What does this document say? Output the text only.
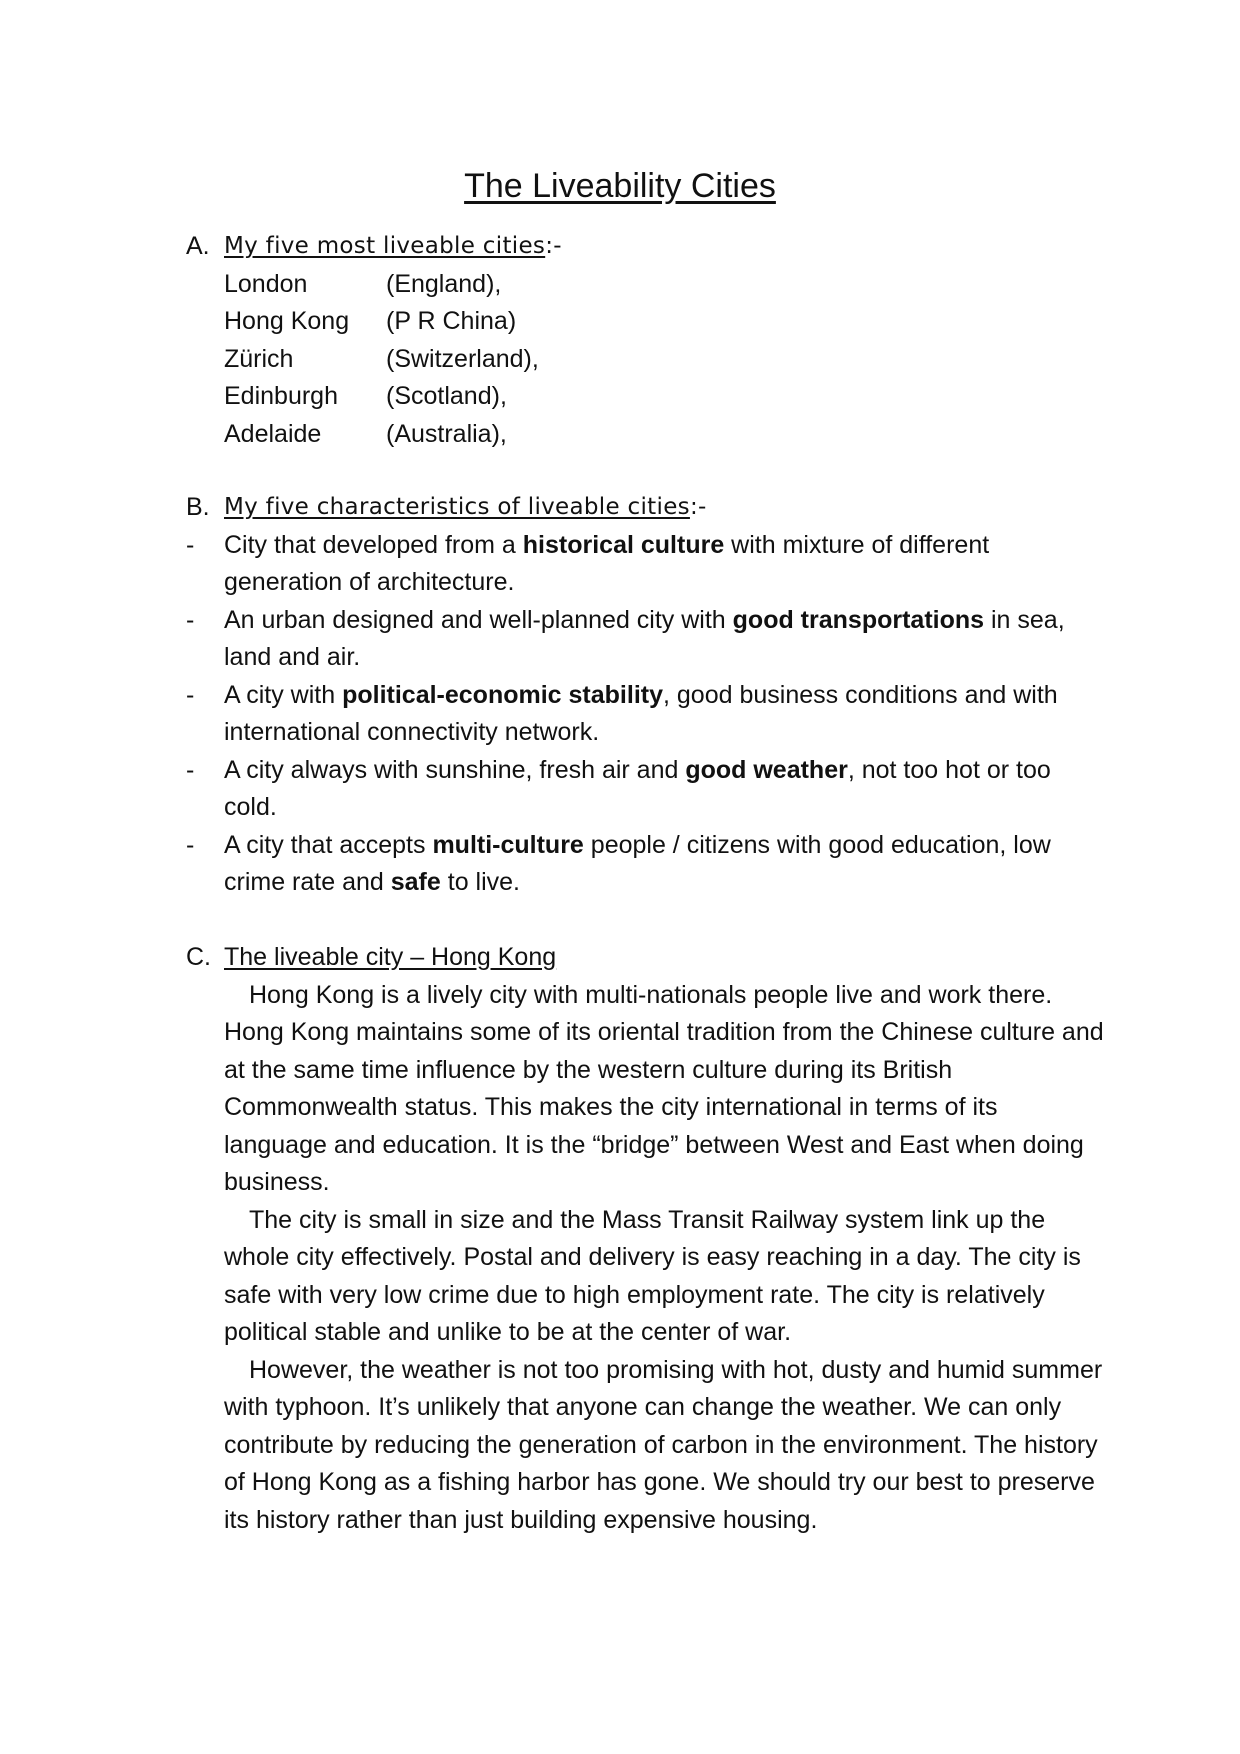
The Liveability Cities
A. My five most liveable cities:-
London	(England),
Hong Kong (P R China)
Zürich	(Switzerland),
Edinburgh (Scotland),
Adelaide	(Australia),
B. My five characteristics of liveable cities:-
- City that developed from a historical culture with mixture of different generation of architecture.
- An urban designed and well-planned city with good transportations in sea, land and air.
- A city with political-economic stability, good business conditions and with international connectivity network.
- A city always with sunshine, fresh air and good weather, not too hot or too cold.
- A city that accepts multi-culture people / citizens with good education, low crime rate and safe to live.
C. The liveable city – Hong Kong

Hong Kong is a lively city with multi-nationals people live and work there. Hong Kong maintains some of its oriental tradition from the Chinese culture and at the same time influence by the western culture during its British Commonwealth status. This makes the city international in terms of its language and education. It is the “bridge” between West and East when doing business.

The city is small in size and the Mass Transit Railway system link up the whole city effectively. Postal and delivery is easy reaching in a day. The city is safe with very low crime due to high employment rate. The city is relatively political stable and unlike to be at the center of war.

However, the weather is not too promising with hot, dusty and humid summer with typhoon. It’s unlikely that anyone can change the weather. We can only contribute by reducing the generation of carbon in the environment. The history of Hong Kong as a fishing harbor has gone. We should try our best to preserve its history rather than just building expensive housing.
